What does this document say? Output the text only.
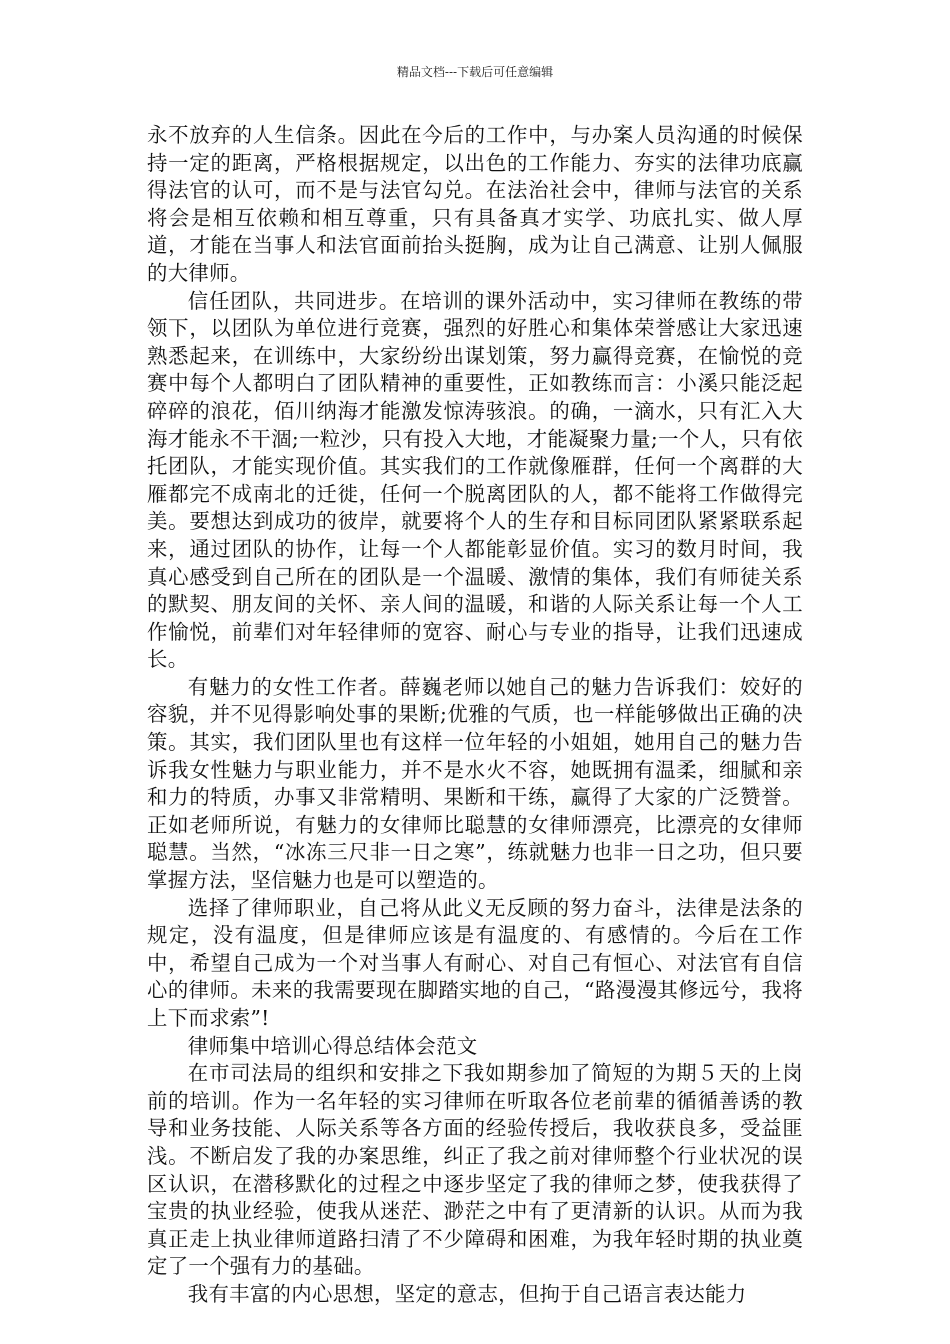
精品文档---下载后可任意编辑

永不放弃的人生信条。因此在今后的工作中，与办案人员沟通的时候保持一定的距离，严格根据规定，以出色的工作能力、夯实的法律功底赢得法官的认可，而不是与法官勾兑。在法治社会中，律师与法官的关系将会是相互依赖和相互尊重，只有具备真才实学、功底扎实、做人厚道，才能在当事人和法官面前抬头挺胸，成为让自己满意、让别人佩服的大律师。

信任团队，共同进步。在培训的课外活动中，实习律师在教练的带领下，以团队为单位进行竞赛，强烈的好胜心和集体荣誉感让大家迅速熟悉起来，在训练中，大家纷纷出谋划策，努力赢得竞赛，在愉悦的竞赛中每个人都明白了团队精神的重要性，正如教练而言：小溪只能泛起碎碎的浪花，佰川纳海才能激发惊涛骇浪。的确，一滴水，只有汇入大海才能永不干涸;一粒沙，只有投入大地，才能凝聚力量;一个人，只有依托团队，才能实现价值。其实我们的工作就像雁群，任何一个离群的大雁都完不成南北的迁徙，任何一个脱离团队的人，都不能将工作做得完美。要想达到成功的彼岸，就要将个人的生存和目标同团队紧紧联系起来，通过团队的协作，让每一个人都能彰显价值。实习的数月时间，我真心感受到自己所在的团队是一个温暖、激情的集体，我们有师徒关系的默契、朋友间的关怀、亲人间的温暖，和谐的人际关系让每一个人工作愉悦，前辈们对年轻律师的宽容、耐心与专业的指导，让我们迅速成长。

有魅力的女性工作者。薛巍老师以她自己的魅力告诉我们：姣好的容貌，并不见得影响处事的果断;优雅的气质，也一样能够做出正确的决策。其实，我们团队里也有这样一位年轻的小姐姐，她用自己的魅力告诉我女性魅力与职业能力，并不是水火不容，她既拥有温柔，细腻和亲和力的特质，办事又非常精明、果断和干练，赢得了大家的广泛赞誉。正如老师所说，有魅力的女律师比聪慧的女律师漂亮，比漂亮的女律师聪慧。当然，“冰冻三尺非一日之寒”，练就魅力也非一日之功，但只要掌握方法，坚信魅力也是可以塑造的。

选择了律师职业，自己将从此义无反顾的努力奋斗，法律是法条的规定，没有温度，但是律师应该是有温度的、有感情的。今后在工作中，希望自己成为一个对当事人有耐心、对自己有恒心、对法官有自信心的律师。未来的我需要现在脚踏实地的自己，“路漫漫其修远兮，我将上下而求索”!

律师集中培训心得总结体会范文

在市司法局的组织和安排之下我如期参加了简短的为期５天的上岗前的培训。作为一名年轻的实习律师在听取各位老前辈的循循善诱的教导和业务技能、人际关系等各方面的经验传授后，我收获良多，受益匪浅。不断启发了我的办案思维，纠正了我之前对律师整个行业状况的误区认识，在潜移默化的过程之中逐步坚定了我的律师之梦，使我获得了宝贵的执业经验，使我从迷茫、渺茫之中有了更清新的认识。从而为我真正走上执业律师道路扫清了不少障碍和困难，为我年轻时期的执业奠定了一个强有力的基础。

我有丰富的内心思想，坚定的意志，但拘于自己语言表达能力
